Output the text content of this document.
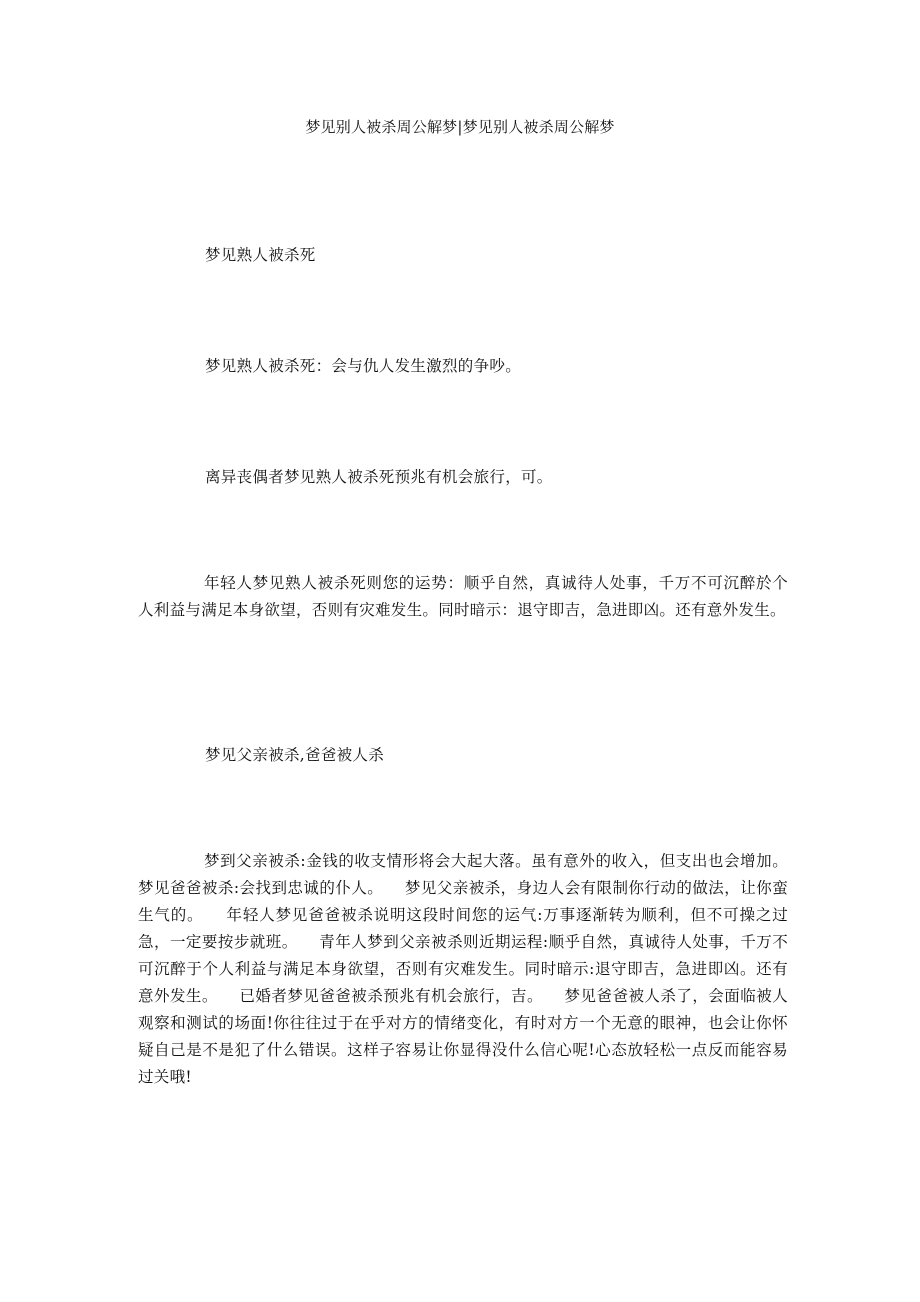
梦见别人被杀周公解梦|梦见别人被杀周公解梦
梦见熟人被杀死
梦见熟人被杀死：会与仇人发生激烈的争吵。
离异丧偶者梦见熟人被杀死预兆有机会旅行，可。

年轻人梦见熟人被杀死则您的运势：顺乎自然，真诚待人处事，千万不可沉醉於个人利益与满足本身欲望，否则有灾难发生。同时暗示：退守即吉，急进即凶。还有意外发生。

梦见父亲被杀,爸爸被人杀

梦到父亲被杀:金钱的收支情形将会大起大落。虽有意外的收入，但支出也会增加。  梦见爸爸被杀:会找到忠诚的仆人。    梦见父亲被杀，身边人会有限制你行动的做法，让你蛮生气的。    年轻人梦见爸爸被杀说明这段时间您的运气:万事逐渐转为顺利，但不可操之过急，一定要按步就班。    青年人梦到父亲被杀则近期运程:顺乎自然，真诚待人处事，千万不可沉醉于个人利益与满足本身欲望，否则有灾难发生。同时暗示:退守即吉，急进即凶。还有意外发生。    已婚者梦见爸爸被杀预兆有机会旅行，吉。    梦见爸爸被人杀了，会面临被人观察和测试的场面!你往往过于在乎对方的情绪变化，有时对方一个无意的眼神，也会让你怀疑自己是不是犯了什么错误。这样子容易让你显得没什么信心呢!心态放轻松一点反而能容易过关哦!
